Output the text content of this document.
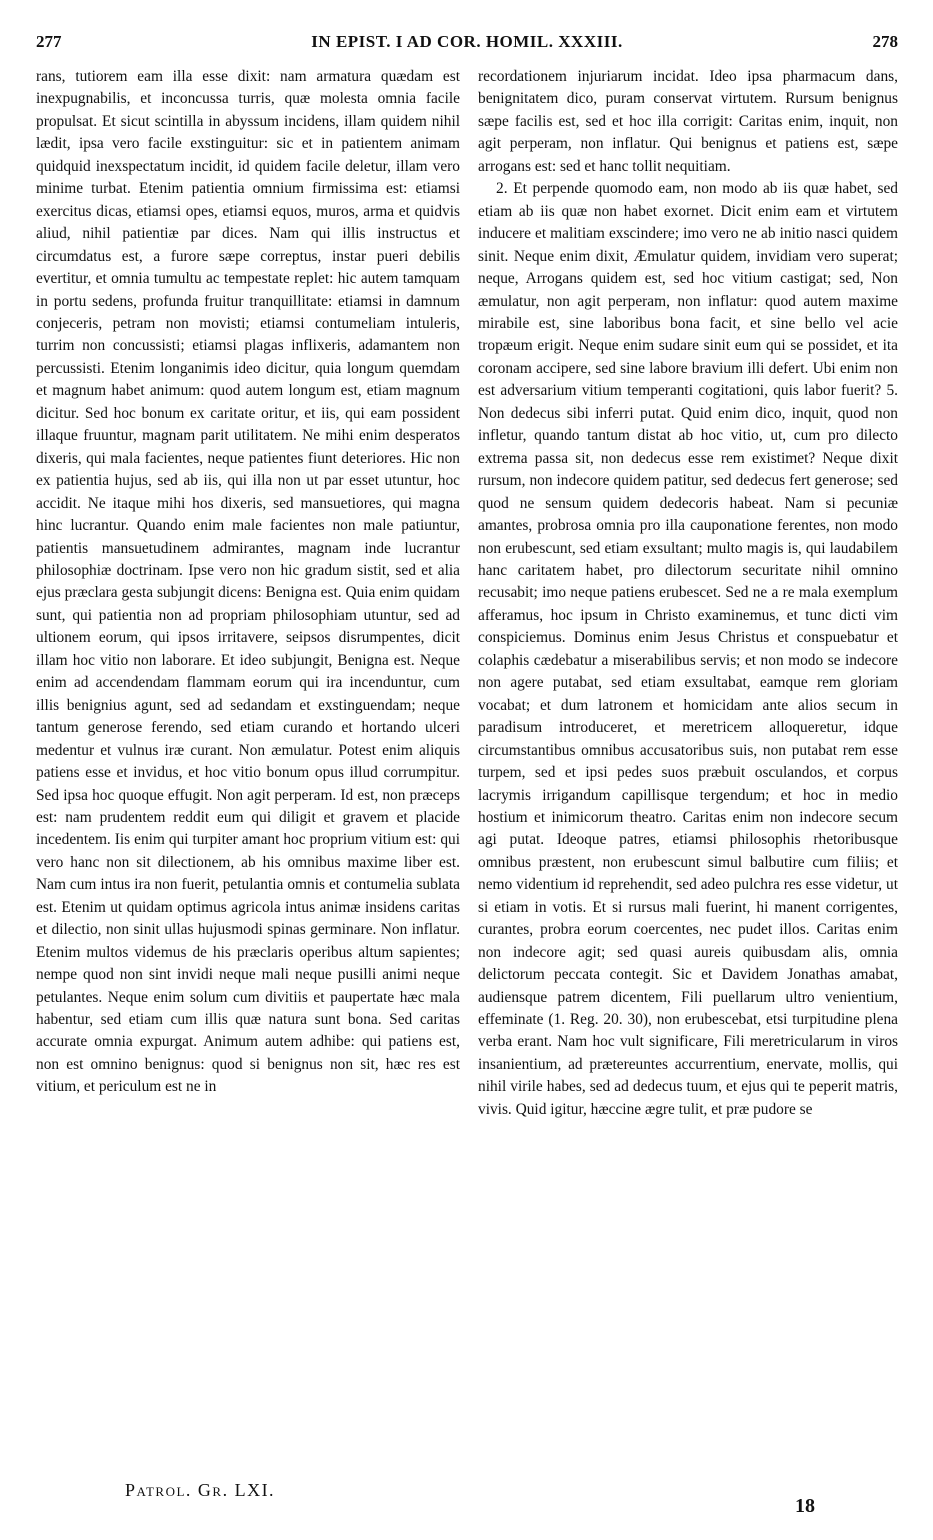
277	IN EPIST. I AD COR. HOMIL. XXXIII.	278

rans, tutiorem eam illa esse dixit: nam armatura quædam est inexpugnabilis, et inconcussa turris, quæ molesta omnia facile propulsat. Et sicut scintilla in abyssum incidens, illam quidem nihil lædit, ipsa vero facile exstinguitur: sic et in patientem animam quidquid inexspectatum incidit, id quidem facile deletur, illam vero minime turbat. Etenim patientia omnium firmissima est: etiamsi exercitus dicas, etiamsi opes, etiamsi equos, muros, arma et quidvis aliud, nihil patientiæ par dices. Nam qui illis instructus et circumdatus est, a furore sæpe correptus, instar pueri debilis evertitur, et omnia tumultu ac tempestate replet: hic autem tamquam in portu sedens, profunda fruitur tranquillitate: etiamsi in damnum conjeceris, petram non movisti; etiamsi contumeliam intuleris, turrim non concussisti; etiamsi plagas inflixeris, adamantem non percussisti. Etenim longanimis ideo dicitur, quia longum quemdam et magnum habet animum: quod autem longum est, etiam magnum dicitur. Sed hoc bonum ex caritate oritur, et iis, qui eam possident illaque fruuntur, magnam parit utilitatem. Ne mihi enim desperatos dixeris, qui mala facientes, neque patientes fiunt deteriores. Hic non ex patientia hujus, sed ab iis, qui illa non ut par esset utuntur, hoc accidit. Ne itaque mihi hos dixeris, sed mansuetiores, qui magna hinc lucrantur. Quando enim male facientes non male patiuntur, patientis mansuetudinem admirantes, magnam inde lucrantur philosophiæ doctrinam. Ipse vero non hic gradum sistit, sed et alia ejus præclara gesta subjungit dicens: Benigna est. Quia enim quidam sunt, qui patientia non ad propriam philosophiam utuntur, sed ad ultionem eorum, qui ipsos irritavere, seipsos disrumpentes, dicit illam hoc vitio non laborare. Et ideo subjungit, Benigna est. Neque enim ad accendendam flammam eorum qui ira incenduntur, cum illis benignius agunt, sed ad sedandam et exstinguendam; neque tantum generose ferendo, sed etiam curando et hortando ulceri medentur et vulnus iræ curant. Non æmulatur. Potest enim aliquis patiens esse et invidus, et hoc vitio bonum opus illud corrumpitur. Sed ipsa hoc quoque effugit. Non agit perperam. Id est, non præceps est: nam prudentem reddit eum qui diligit et gravem et placide incedentem. Iis enim qui turpiter amant hoc proprium vitium est: qui vero hanc non sit dilectionem, ab his omnibus maxime liber est. Nam cum intus ira non fuerit, petulantia omnis et contumelia sublata est. Etenim ut quidam optimus agricola intus animæ insidens caritas et dilectio, non sinit ullas hujusmodi spinas germinare. Non inflatur. Etenim multos videmus de his præclaris operibus altum sapientes; nempe quod non sint invidi neque mali neque pusilli animi neque petulantes. Neque enim solum cum divitiis et paupertate hæc mala habentur, sed etiam cum illis quæ natura sunt bona. Sed caritas accurate omnia expurgat. Animum autem adhibe: qui patiens est, non est omnino benignus: quod si benignus non sit, hæc res est vitium, et periculum est ne in

recordationem injuriarum incidat. Ideo ipsa pharmacum dans, benignitatem dico, puram conservat virtutem. Rursum benignus sæpe facilis est, sed et hoc illa corrigit: Caritas enim, inquit, non agit perperam, non inflatur. Qui benignus et patiens est, sæpe arrogans est: sed et hanc tollit nequitiam.

2. Et perpende quomodo eam, non modo ab iis quæ habet, sed etiam ab iis quæ non habet exornet. Dicit enim eam et virtutem inducere et malitiam exscindere; imo vero ne ab initio nasci quidem sinit. Neque enim dixit, Æmulatur quidem, invidiam vero superat; neque, Arrogans quidem est, sed hoc vitium castigat; sed, Non æmulatur, non agit perperam, non inflatur: quod autem maxime mirabile est, sine laboribus bona facit, et sine bello vel acie tropæum erigit. Neque enim sudare sinit eum qui se possidet, et ita coronam accipere, sed sine labore bravium illi defert. Ubi enim non est adversarium vitium temperanti cogitationi, quis labor fuerit? 5. Non dedecus sibi inferri putat. Quid enim dico, inquit, quod non infletur, quando tantum distat ab hoc vitio, ut, cum pro dilecto extrema passa sit, non dedecus esse rem existimet? Neque dixit rursum, non indecore quidem patitur, sed dedecus fert generose; sed quod ne sensum quidem dedecoris habeat. Nam si pecuniæ amantes, probrosa omnia pro illa cauponatione ferentes, non modo non erubescunt, sed etiam exsultant; multo magis is, qui laudabilem hanc caritatem habet, pro dilectorum securitate nihil omnino recusabit; imo neque patiens erubescet. Sed ne a re mala exemplum afferamus, hoc ipsum in Christo examinemus, et tunc dicti vim conspiciemus. Dominus enim Jesus Christus et conspuebatur et colaphis cædebatur a miserabilibus servis; et non modo se indecore non agere putabat, sed etiam exsultabat, eamque rem gloriam vocabat; et dum latronem et homicidam ante alios secum in paradisum introduceret, et meretricem alloqueretur, idque circumstantibus omnibus accusatoribus suis, non putabat rem esse turpem, sed et ipsi pedes suos præbuit osculandos, et corpus lacrymis irrigandum capillisque tergendum; et hoc in medio hostium et inimicorum theatro. Caritas enim non indecore secum agi putat. Ideoque patres, etiamsi philosophis rhetoribusque omnibus præstent, non erubescunt simul balbutire cum filiis; et nemo videntium id reprehendit, sed adeo pulchra res esse videtur, ut si etiam in votis. Et si rursus mali fuerint, hi manent corrigentes, curantes, probra eorum coercentes, nec pudet illos. Caritas enim non indecore agit; sed quasi aureis quibusdam alis, omnia delictorum peccata contegit. Sic et Davidem Jonathas amabat, audiensque patrem dicentem, Fili puellarum ultro venientium, effeminate (1. Reg. 20. 30), non erubescebat, etsi turpitudine plena verba erant. Nam hoc vult significare, Fili meretricularum in viros insanientium, ad prætereuntes accurrentium, enervate, mollis, qui nihil virile habes, sed ad dedecus tuum, et ejus qui te peperit matris, vivis. Quid igitur, hæccine ægre tulit, et præ pudore se

Patrol. Gr. LXI.
18
